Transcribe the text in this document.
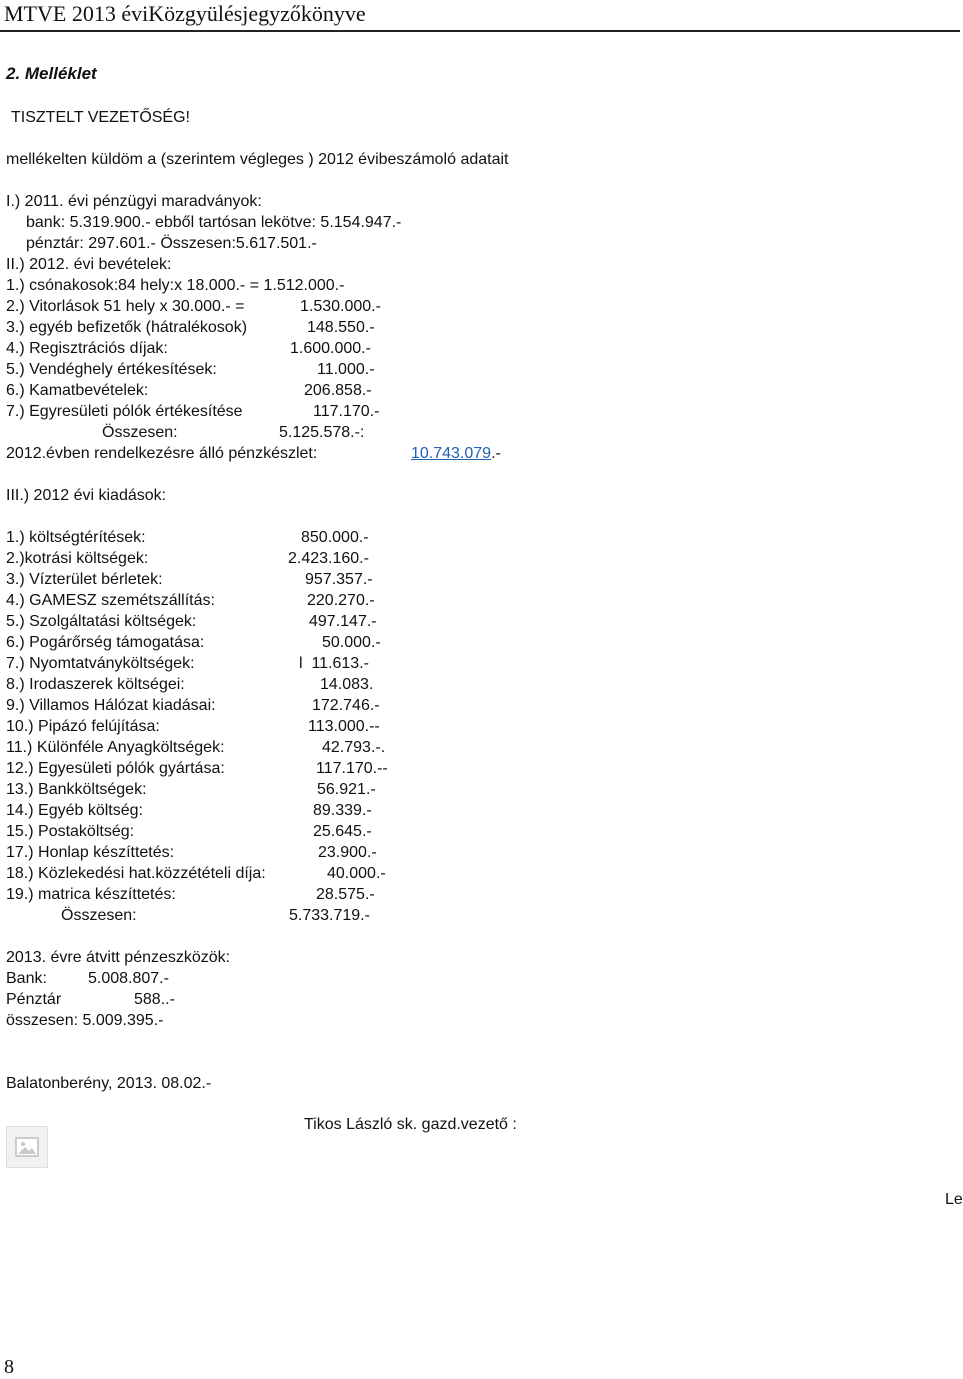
MTVE 2013 éviKözgyülésjegyzőkönyve
2. Melléklet
TISZTELT VEZETŐSÉG!
mellékelten küldöm a (szerintem végleges ) 2012 évibeszámoló adatait
I.) 2011. évi pénzügyi maradványok:
bank: 5.319.900.- ebből tartósan lekötve: 5.154.947.-
pénztár: 297.601.- Összesen:5.617.501.-
II.) 2012. évi bevételek:
1.) csónakosok:84 hely:x 18.000.- = 1.512.000.-
2.) Vitorlások 51 hely x 30.000.- =	1.530.000.-
3.) egyéb befizetők (hátralékosok)	148.550.-
4.) Regisztrációs díjak:	1.600.000.-
5.) Vendéghely értékesítések:	11.000.-
6.) Kamatbevételek:	206.858.-
7.) Egyresületi pólók értékesítése	117.170.-
Összesen:	5.125.578.-:
2012.évben rendelkezésre álló pénzkészlet:	10.743.079.-
III.) 2012 évi kiadások:
1.) költségtérítések:	850.000.-
2.)kotrási költségek:	2.423.160.-
3.) Vízterület bérletek:	957.357.-
4.) GAMESZ szemétszállítás:	220.270.-
5.) Szolgáltatási költségek:	497.147.-
6.) Pogárőrség támogatása:	50.000.-
7.) Nyomtatványköltségek:	l  11.613.-
8.) Irodaszerek költségei:	14.083.
9.) Villamos Hálózat kiadásai:	172.746.-
10.) Pipázó felújítása:	113.000.--
11.) Különféle Anyagköltségek:	42.793.-.
12.) Egyesületi pólók gyártása:	117.170.--
13.) Bankköltségek:	56.921.-
14.) Egyéb költség:	89.339.-
15.) Postaköltség:	25.645.-
17.) Honlap készíttetés:	23.900.-
18.) Közlekedési hat.közzétételi díja:	40.000.-
19.) matrica készíttetés:	28.575.-
Összesen:	5.733.719.-
2013. évre átvitt pénzeszközök:
Bank:	5.008.807.-
Pénztár	588..-
összesen: 5.009.395.-
Balatonberény, 2013. 08.02.-
Tikos László sk. gazd.vezető :
Le
8
